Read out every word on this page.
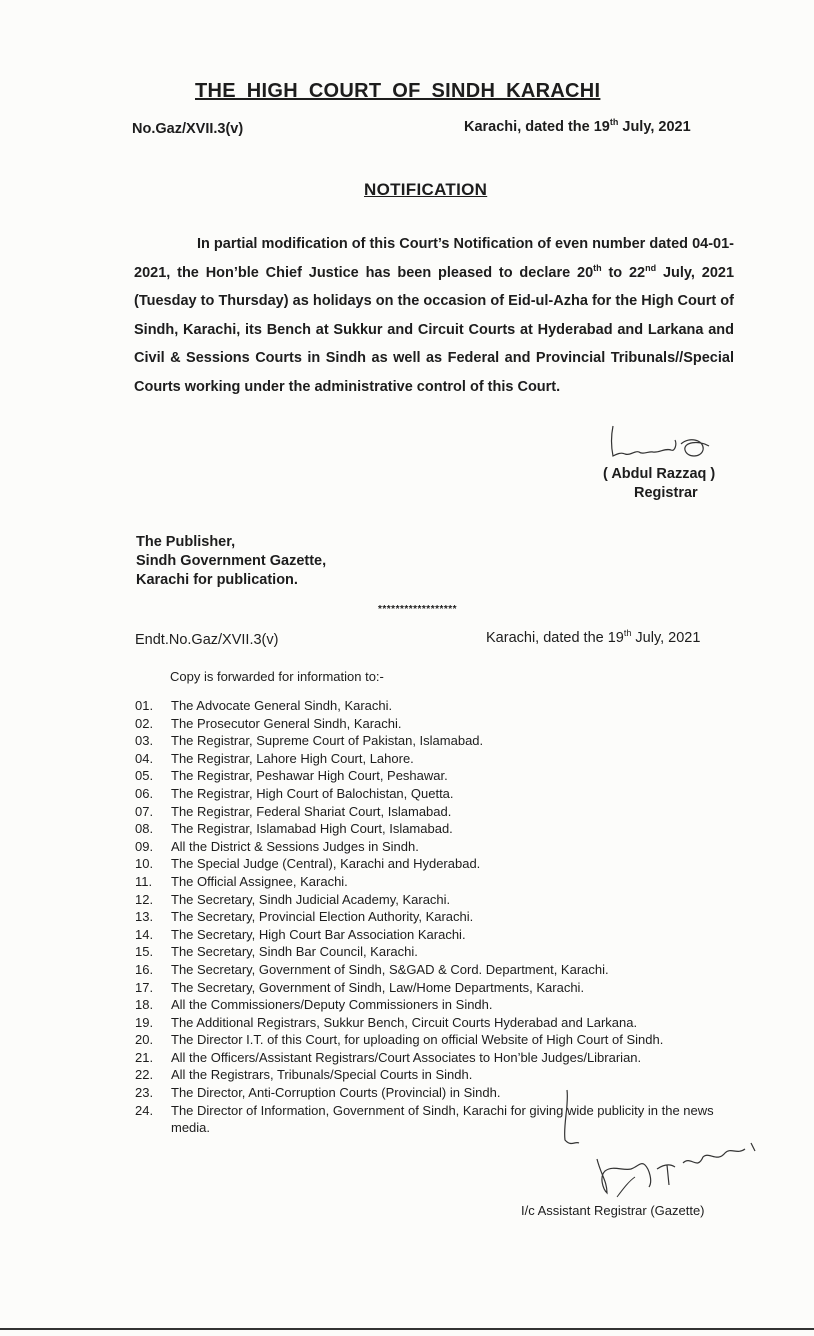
THE HIGH COURT OF SINDH KARACHI
No.Gaz/XVII.3(v)	Karachi, dated the 19th July, 2021
NOTIFICATION
In partial modification of this Court’s Notification of even number dated 04-01-2021, the Hon’ble Chief Justice has been pleased to declare 20th to 22nd July, 2021 (Tuesday to Thursday) as holidays on the occasion of Eid-ul-Azha for the High Court of Sindh, Karachi, its Bench at Sukkur and Circuit Courts at Hyderabad and Larkana and Civil & Sessions Courts in Sindh as well as Federal and Provincial Tribunals//Special Courts working under the administrative control of this Court.
( Abdul Razzaq )
Registrar
The Publisher,
Sindh Government Gazette,
Karachi for publication.
******************
Endt.No.Gaz/XVII.3(v)	Karachi, dated the 19th July, 2021
Copy is forwarded for information to:-
01.	The Advocate General Sindh, Karachi.
02.	The Prosecutor General Sindh, Karachi.
03.	The Registrar, Supreme Court of Pakistan, Islamabad.
04.	The Registrar, Lahore High Court, Lahore.
05.	The Registrar, Peshawar High Court, Peshawar.
06.	The Registrar, High Court of Balochistan, Quetta.
07.	The Registrar, Federal Shariat Court, Islamabad.
08.	The Registrar, Islamabad High Court, Islamabad.
09.	All the District & Sessions Judges in Sindh.
10.	The Special Judge (Central), Karachi and Hyderabad.
11.	The Official Assignee, Karachi.
12.	The Secretary, Sindh Judicial Academy, Karachi.
13.	The Secretary, Provincial Election Authority, Karachi.
14.	The Secretary, High Court Bar Association Karachi.
15.	The Secretary, Sindh Bar Council, Karachi.
16.	The Secretary, Government of Sindh, S&GAD & Cord. Department, Karachi.
17.	The Secretary, Government of Sindh, Law/Home Departments, Karachi.
18.	All the Commissioners/Deputy Commissioners in Sindh.
19.	The Additional Registrars, Sukkur Bench, Circuit Courts Hyderabad and Larkana.
20.	The Director I.T. of this Court, for uploading on official Website of High Court of Sindh.
21.	All the Officers/Assistant Registrars/Court Associates to Hon’ble Judges/Librarian.
22.	All the Registrars, Tribunals/Special Courts in Sindh.
23.	The Director, Anti-Corruption Courts (Provincial) in Sindh.
24.	The Director of Information, Government of Sindh, Karachi for giving wide publicity in the news media.
I/c Assistant Registrar (Gazette)
